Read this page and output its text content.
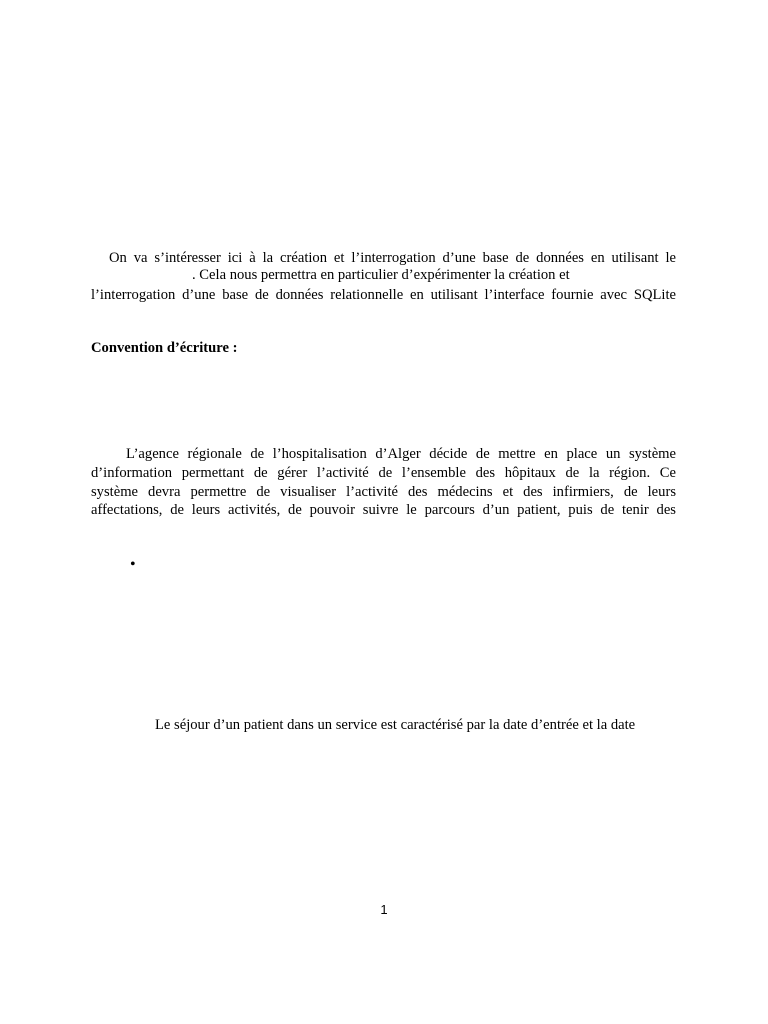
On va s’intéresser ici à la création et l’interrogation d’une base de données en utilisant le
. Cela nous permettra en particulier d’expérimenter la création et
l’interrogation d’une base de données relationnelle en utilisant l’interface fournie avec SQLite
Convention d’écriture :
L’agence régionale de l’hospitalisation d’Alger décide de mettre en place un système
d’information permettant de gérer l’activité de l’ensemble des hôpitaux de la région. Ce
système devra permettre de visualiser l’activité des médecins et des infirmiers, de leurs
affectations, de leurs activités, de pouvoir suivre le parcours d’un patient, puis de tenir des
•
Le séjour d’un patient dans un service est caractérisé par la date d’entrée et la date
1
